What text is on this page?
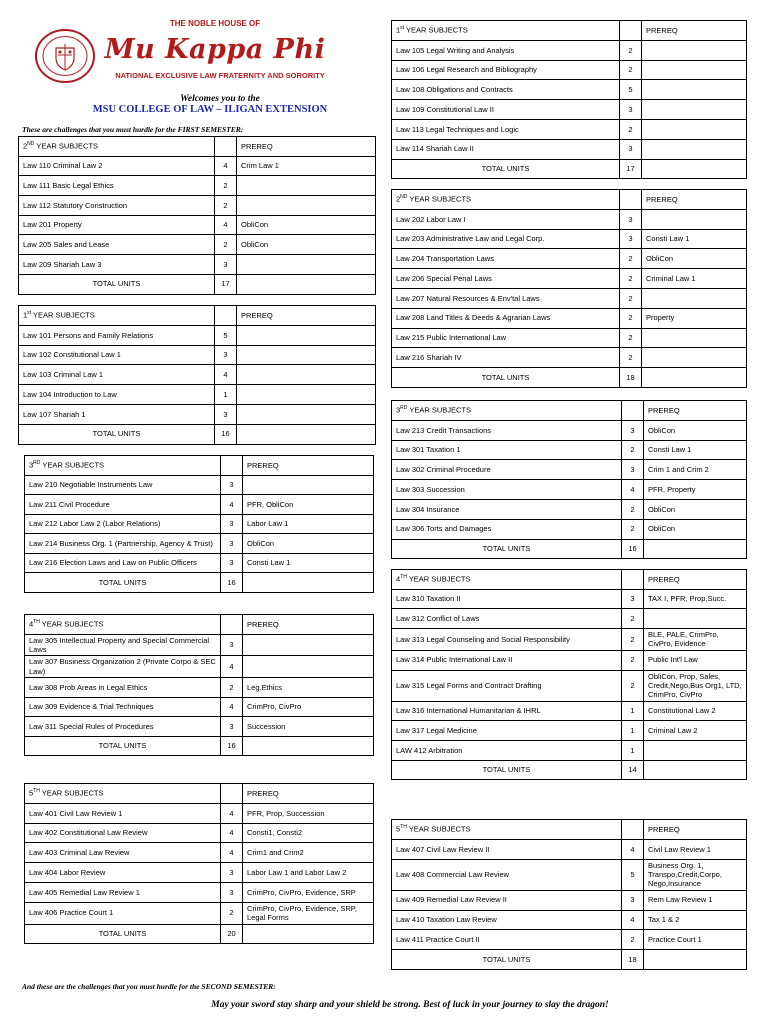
THE NOBLE HOUSE OF
Mu Kappa Phi
NATIONAL EXCLUSIVE LAW FRATERNITY AND SORORITY
Welcomes you to the
MSU COLLEGE OF LAW – ILIGAN EXTENSION
These are challenges that you must hurdle for the FIRST SEMESTER:
2ND YEAR SUBJECTS		PREREQ
Law 110 Criminal Law 2	4	Crim Law 1
Law 111 Basic Legal Ethics	2	
Law 112 Statutory Construction	2	
Law 201 Property	4	ObliCon
Law 205 Sales and Lease	2	ObliCon
Law 209 Shariah Law 3	3	
TOTAL UNITS	17	
1st YEAR SUBJECTS		PREREQ
Law 101 Persons and Family Relations	5	
Law 102 Constitutional Law 1	3	
Law 103 Criminal Law 1	4	
Law 104 Introduction to Law	1	
Law 107 Shariah 1	3	
TOTAL UNITS	16	
3RD YEAR SUBJECTS		PREREQ
Law 210 Negotiable Instruments Law	3	
Law 211 Civil Procedure	4	PFR, ObliCon
Law 212 Labor Law 2 (Labor Relations)	3	Labor Law 1
Law 214 Business Org. 1 (Partnership, Agency & Trust)	3	ObliCon
Law 216 Election Laws and Law on Public Officers	3	Consti Law 1
TOTAL UNITS	16	
4TH YEAR SUBJECTS		PREREQ
Law 305 Intellectual Property and Special Commercial Laws	3	
Law 307 Business Organization 2 (Private Corpo & SEC Law)	4	
Law 308 Prob Areas in Legal Ethics	2	Leg.Ethics
Law 309 Evidence & Trial Techniques	4	CrimPro, CivPro
Law 311 Special Rules of Procedures	3	Succession
TOTAL UNITS	16	
5TH YEAR SUBJECTS		PREREQ
Law 401 Civil Law Review 1	4	PFR, Prop, Succession
Law 402 Constitutional Law Review	4	Consti1, Consti2
Law 403 Criminal Law Review	4	Crim1 and Crim2
Law 404 Labor Review	3	Labor Law 1 and Labor Law 2
Law 405 Remedial Law Review 1	3	CrimPro, CivPro, Evidence, SRP
Law 406 Practice Court 1	2	CrimPro, CivPro, Evidence, SRP, Legal Forms
TOTAL UNITS	20	
1st YEAR SUBJECTS		PREREQ
Law 105 Legal Writing and Analysis	2	
Law 106 Legal Research and Bibliography	2	
Law 108 Obligations and Contracts	5	
Law 109 Constitutional Law II	3	
Law 113 Legal Techniques and Logic	2	
Law 114 Shariah Law II	3	
TOTAL UNITS	17	
2ND YEAR SUBJECTS		PREREQ
Law 202 Labor Law I	3	
Law 203 Administrative Law and Legal Corp.	3	Consti Law 1
Law 204 Transportation Laws	2	ObliCon
Law 206 Special Penal Laws	2	Criminal Law 1
Law 207 Natural Resources & Env'tal Laws	2	
Law 208 Land Titles & Deeds & Agrarian Laws	2	Property
Law 215 Public International Law	2	
Law 216 Shariah IV	2	
TOTAL UNITS	18	
3RD YEAR SUBJECTS		PREREQ
Law 213 Credit Transactions	3	ObliCon
Law 301 Taxation 1	2	Consti Law 1
Law 302 Criminal Procedure	3	Crim 1 and Crim 2
Law 303 Succession	4	PFR, Property
Law 304 Insurance	2	ObliCon
Law 306 Torts and Damages	2	ObliCon
TOTAL UNITS	16	
4TH YEAR SUBJECTS		PREREQ
Law 310 Taxation II	3	TAX I, PFR, Prop,Succ.
Law 312 Conflict of Laws	2	
Law 313 Legal Counseling and Social Responsibility	2	BLE, PALE, CrimPro, CivPro, Evidence
Law 314 Public International Law II	2	Public Int'l Law
Law 315 Legal Forms and Contract Drafting	2	ObliCon, Prop, Sales, Credit,Nego,Bus Org1, LTD, CrimPro, CivPro
Law 316 International Humanitarian & IHRL	1	Constitutional Law 2
Law 317 Legal Medicine	1	Criminal Law 2
LAW 412 Arbitration	1	
TOTAL UNITS	14	
5TH YEAR SUBJECTS		PREREQ
Law 407 Civil Law Review II	4	Civil Law Review 1
Law 408 Commercial Law Review	5	Business Org. 1, Transpo,Credit,Corpo, Nego,Insurance
Law 409 Remedial Law Review II	3	Rem Law Review 1
Law 410 Taxation Law Review	4	Tax 1 & 2
Law 411 Practice Court II	2	Practice Court 1
TOTAL UNITS	18	
And these are the challenges that you must hurdle for the SECOND SEMESTER:
May your sword stay sharp and your shield be strong. Best of luck in your journey to slay the dragon!
